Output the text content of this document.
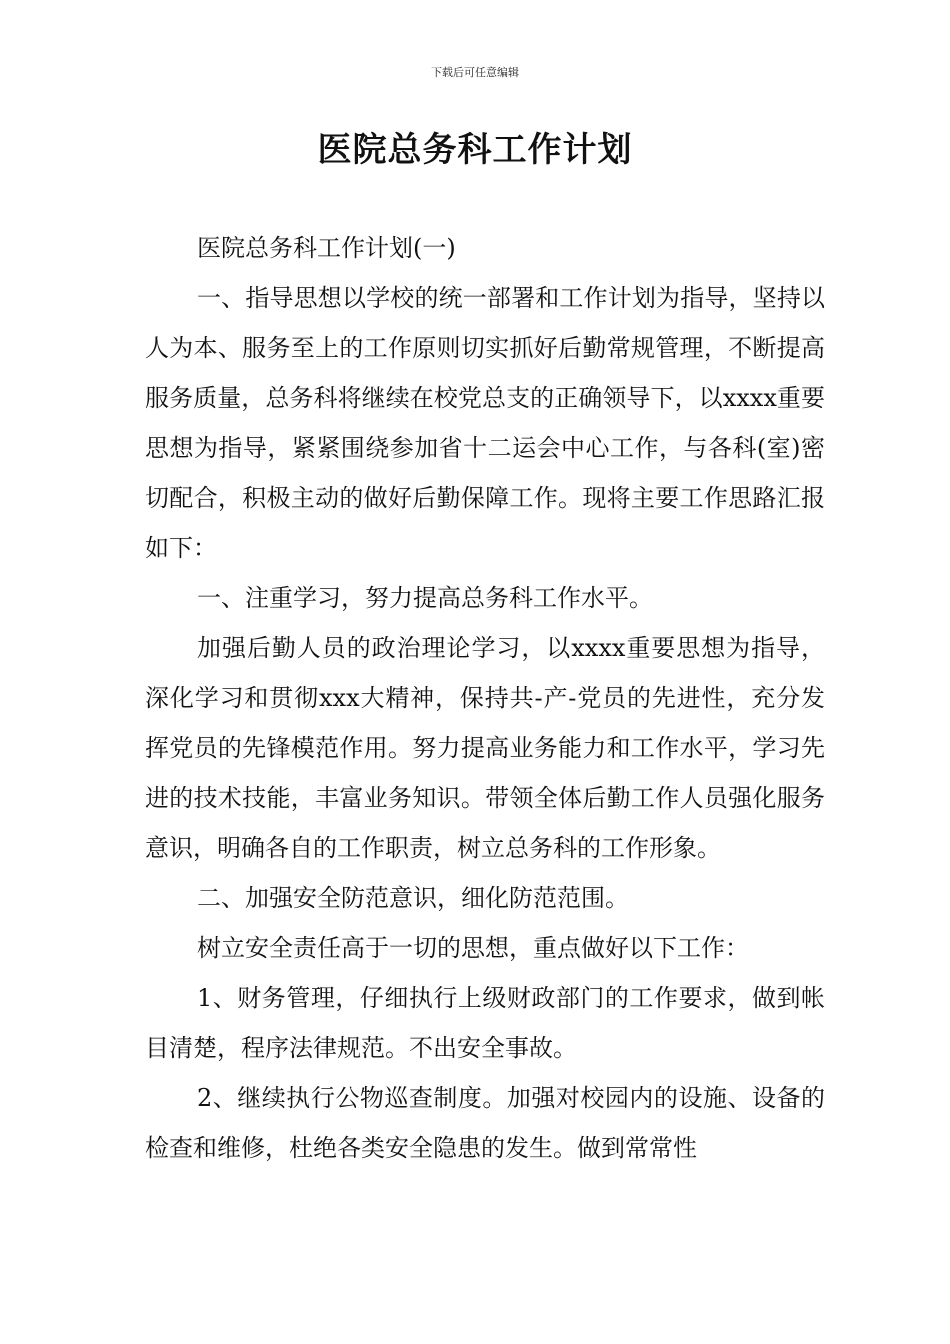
下载后可任意编辑
医院总务科工作计划

医院总务科工作计划(一)

一、指导思想以学校的统一部署和工作计划为指导，坚持以人为本、服务至上的工作原则切实抓好后勤常规管理，不断提高服务质量，总务科将继续在校党总支的正确领导下，以xxxx重要思想为指导，紧紧围绕参加省十二运会中心工作，与各科(室)密切配合，积极主动的做好后勤保障工作。现将主要工作思路汇报如下：

一、注重学习，努力提高总务科工作水平。

加强后勤人员的政治理论学习，以xxxx重要思想为指导，深化学习和贯彻xxx大精神，保持共-产-党员的先进性，充分发挥党员的先锋模范作用。努力提高业务能力和工作水平，学习先进的技术技能，丰富业务知识。带领全体后勤工作人员强化服务意识，明确各自的工作职责，树立总务科的工作形象。

二、加强安全防范意识，细化防范范围。

树立安全责任高于一切的思想，重点做好以下工作：

1、财务管理，仔细执行上级财政部门的工作要求，做到帐目清楚，程序法律规范。不出安全事故。

2、继续执行公物巡查制度。加强对校园内的设施、设备的检查和维修，杜绝各类安全隐患的发生。做到常常性
